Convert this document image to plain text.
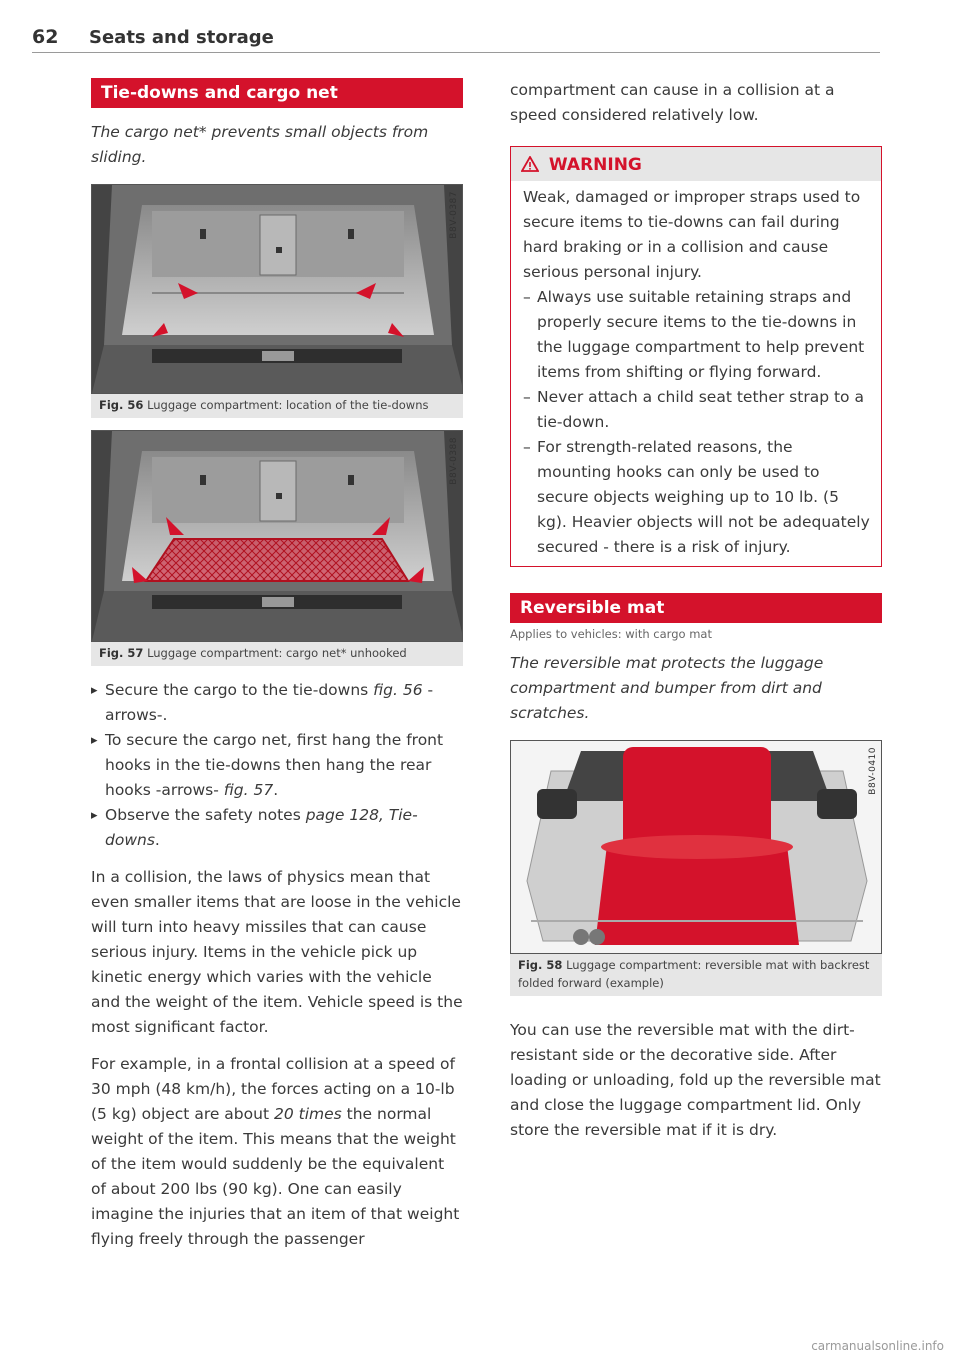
62 Seats and storage
Tie-downs and cargo net
The cargo net* prevents small objects from sliding.
B8V-0387
Fig. 56 Luggage compartment: location of the tie-downs
B8V-0388
Fig. 57 Luggage compartment: cargo net* unhooked
▸ Secure the cargo to the tie-downs fig. 56 -arrows-.
▸ To secure the cargo net, first hang the front hooks in the tie-downs then hang the rear hooks -arrows- fig. 57.
▸ Observe the safety notes page 128, Tie-downs.

In a collision, the laws of physics mean that even smaller items that are loose in the vehicle will turn into heavy missiles that can cause serious injury. Items in the vehicle pick up kinetic energy which varies with the vehicle and the weight of the item. Vehicle speed is the most significant factor.

For example, in a frontal collision at a speed of 30 mph (48 km/h), the forces acting on a 10-lb (5 kg) object are about 20 times the normal weight of the item. This means that the weight of the item would suddenly be the equivalent of about 200 lbs (90 kg). One can easily imagine the injuries that an item of that weight flying freely through the passenger

compartment can cause in a collision at a speed considered relatively low.

WARNING
Weak, damaged or improper straps used to secure items to tie-downs can fail during hard braking or in a collision and cause serious personal injury.
– Always use suitable retaining straps and properly secure items to the tie-downs in the luggage compartment to help prevent items from shifting or flying forward.
– Never attach a child seat tether strap to a tie-down.
– For strength-related reasons, the mounting hooks can only be used to secure objects weighing up to 10 lb. (5 kg). Heavier objects will not be adequately secured - there is a risk of injury.
Reversible mat
Applies to vehicles: with cargo mat
The reversible mat protects the luggage compartment and bumper from dirt and scratches.
B8V-0410
Fig. 58 Luggage compartment: reversible mat with backrest folded forward (example)

You can use the reversible mat with the dirt-resistant side or the decorative side. After loading or unloading, fold up the reversible mat and close the luggage compartment lid. Only store the reversible mat if it is dry.

carmanualsonline.info
